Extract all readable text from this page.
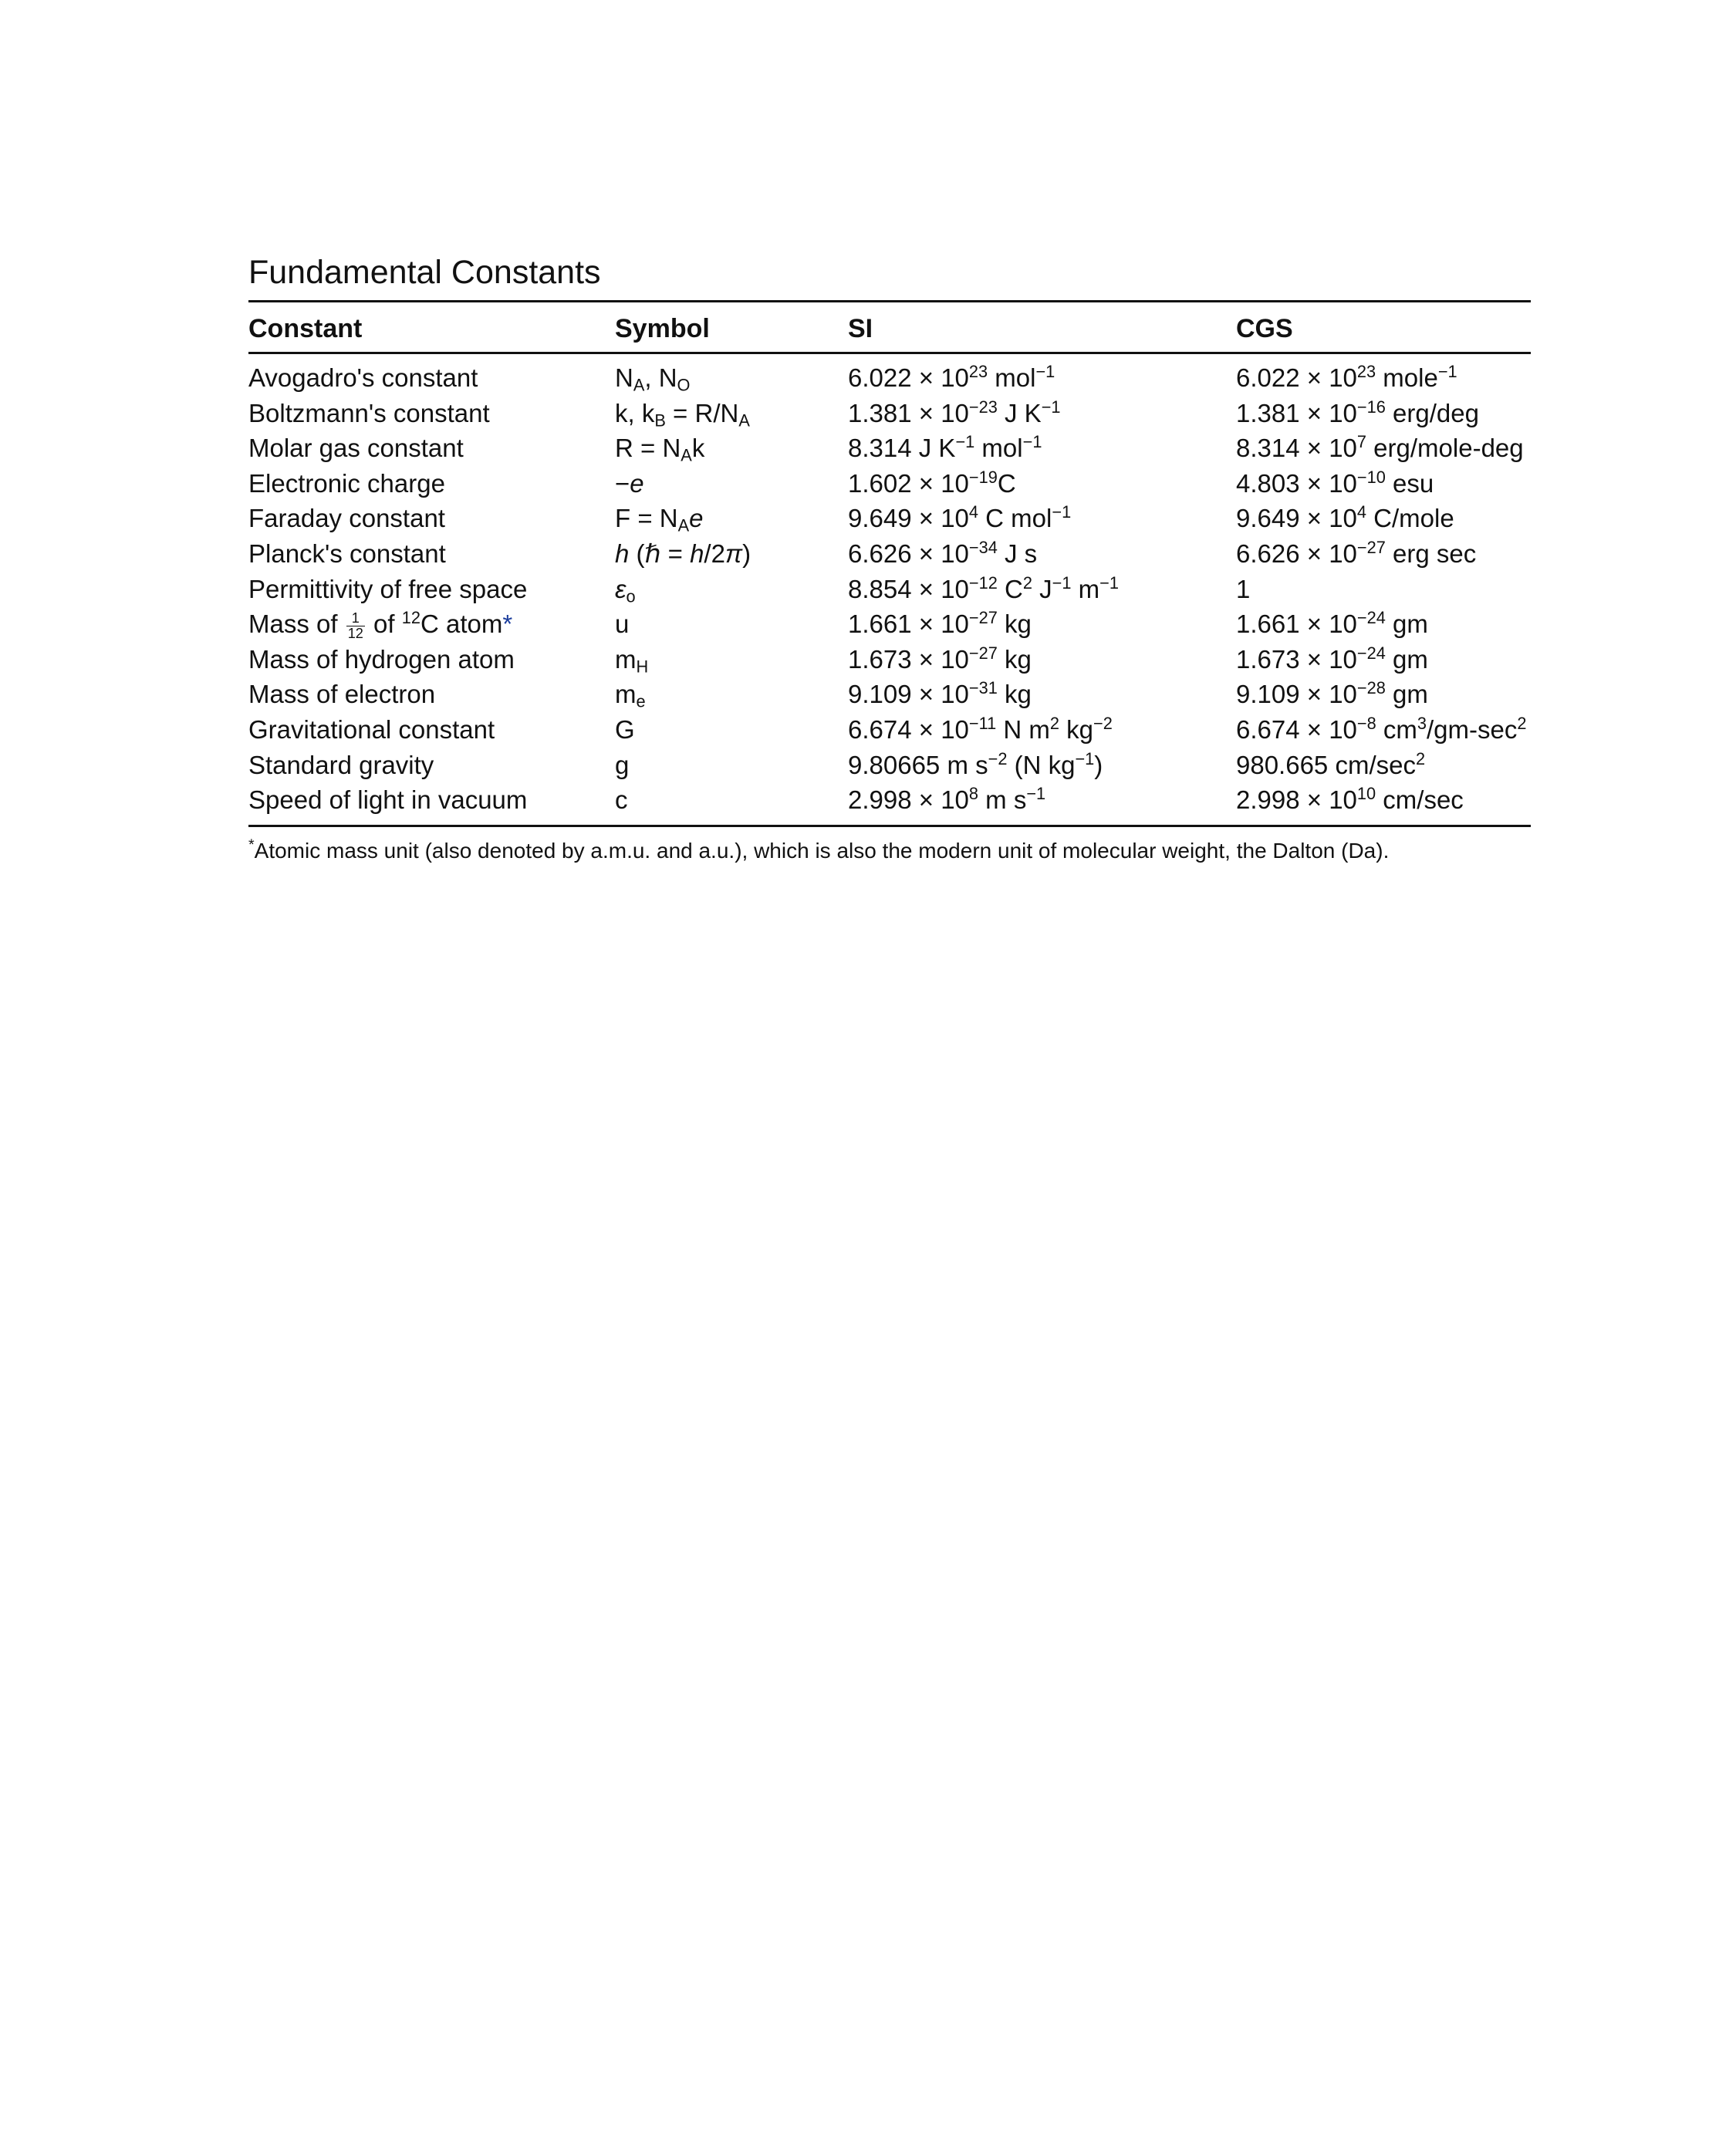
Fundamental Constants
Constant	Symbol	SI	CGS
Avogadro's constant	$N_A$, $N_O$	$6.022 \times 10^{23}$ mol$^{-1}$	$6.022 \times 10^{23}$ mole$^{-1}$
Boltzmann's constant	k, $k_B = R/N_A$	$1.381 \times 10^{-23}$ J $K^{-1}$	$1.381 \times 10^{-16}$ erg/deg
Molar gas constant	$R = N_Ak$	8.314 J $K^{-1}$ mol$^{-1}$	$8.314 \times 10^7$ erg/mole-deg
Electronic charge	−e	$1.602 \times 10^{-19}C$	$4.803 \times 10^{-10}$ esu
Faraday constant	$F = N_Ae$	$9.649 \times 10^4$ C mol$^{-1}$	$9.649 \times 10^4$ C/mole
Planck's constant	h (ℏ = h/2π)	$6.626 \times 10^{-34}$ J s	$6.626 \times 10^{-27}$ erg sec
Permittivity of free space	$\varepsilon_o$	$8.854 \times 10^{-12}$ $C^2$ $J^{-1}$ $m^{-1}$	1
Mass of $\frac{1}{12}$ of $^{12}$C atom*	u	$1.661 \times 10^{-27}$ kg	$1.661 \times 10^{-24}$ gm
Mass of hydrogen atom	$m_H$	$1.673 \times 10^{-27}$ kg	$1.673 \times 10^{-24}$ gm
Mass of electron	$m_e$	$9.109 \times 10^{-31}$ kg	$9.109 \times 10^{-28}$ gm
Gravitational constant	G	$6.674 \times 10^{-11}$ N $m^2$ $kg^{-2}$	$6.674 \times 10^{-8}$ $cm^3/gm-\sec^2$
Standard gravity	g	9.80665 m $s^{-2}$ (N $kg^{-1}$)	980.665 $cm/\sec^2$
Speed of light in vacuum	c	$2.998 \times 10^8$ m $s^{-1}$	$2.998 \times 10^{10}$ cm/sec
*Atomic mass unit (also denoted by a.m.u. and a.u.), which is also the modern unit of molecular weight, the Dalton (Da).
